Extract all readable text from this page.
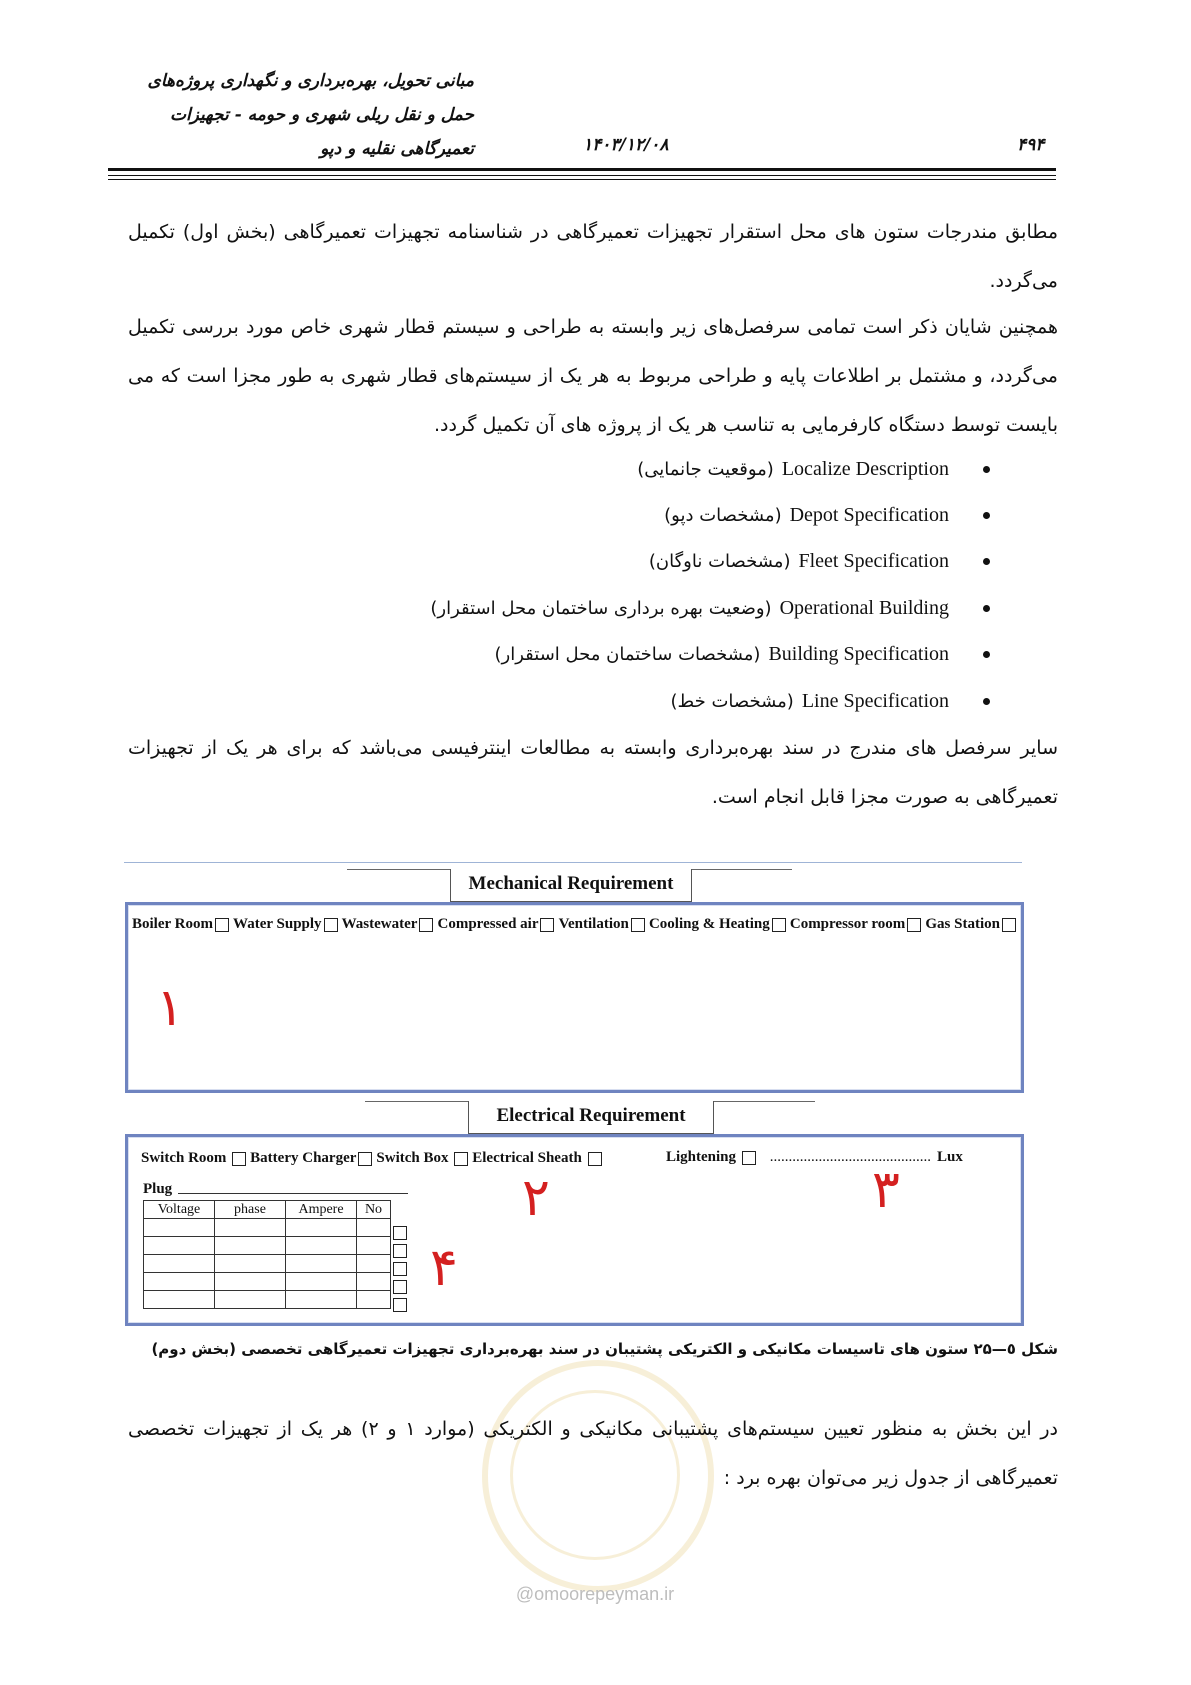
مبانی تحویل، بهره‌برداری و نگهداری پروژه‌های
حمل و نقل ریلی شهری و حومه - تجهیزات
تعمیرگاهی نقلیه و دپو	۱۴۰۳/۱۲/۰۸	۴۹۴

مطابق مندرجات ستون های محل استقرار تجهیزات تعمیرگاهی در شناسنامه تجهیزات تعمیرگاهی (بخش اول) تکمیل می‌گردد.

همچنین شایان ذکر است تمامی سرفصل‌های زیر وابسته به طراحی و سیستم قطار شهری خاص مورد بررسی تکمیل می‌گردد، و مشتمل بر اطلاعات پایه و طراحی مربوط به هر یک از سیستم‌های قطار شهری به طور مجزا است که می بایست توسط دستگاه کارفرمایی به تناسب هر یک از پروژه های آن تکمیل گردد.

(موقعیت جانمایی) Localize Description
(مشخصات دپو) Depot Specification
(مشخصات ناوگان) Fleet Specification
(وضعیت بهره برداری ساختمان محل استقرار) Operational Building
(مشخصات ساختمان محل استقرار) Building Specification
(مشخصات خط) Line Specification

سایر سرفصل های مندرج در سند بهره‌برداری وابسته به مطالعات اینترفیسی می‌باشد که برای هر یک از تجهیزات تعمیرگاهی به صورت مجزا قابل انجام است.

Mechanical Requirement
Boiler Room Water Supply Wastewater Compressed air Ventilation Cooling & Heating Compressor room Gas Station
۱
Electrical Requirement
Switch Room
Battery Charger Switch Box
Electrical Sheath
	Lightening
........................................... Lux
Plug
Voltage	phase	Ampere	No

				۲	۳
۴
شکل ٥—۲۵ ستون های تاسیسات مکانیکی و الکتریکی پشتیبان در سند بهره‌برداری تجهیزات تعمیرگاهی تخصصی (بخش دوم)

در این بخش به منظور تعیین سیستم‌های پشتیبانی مکانیکی و الکتریکی (موارد ۱ و ۲) هر یک از تجهیزات تخصصی تعمیرگاهی از جدول زیر می‌توان بهره برد :

@omoorepeyman.ir
